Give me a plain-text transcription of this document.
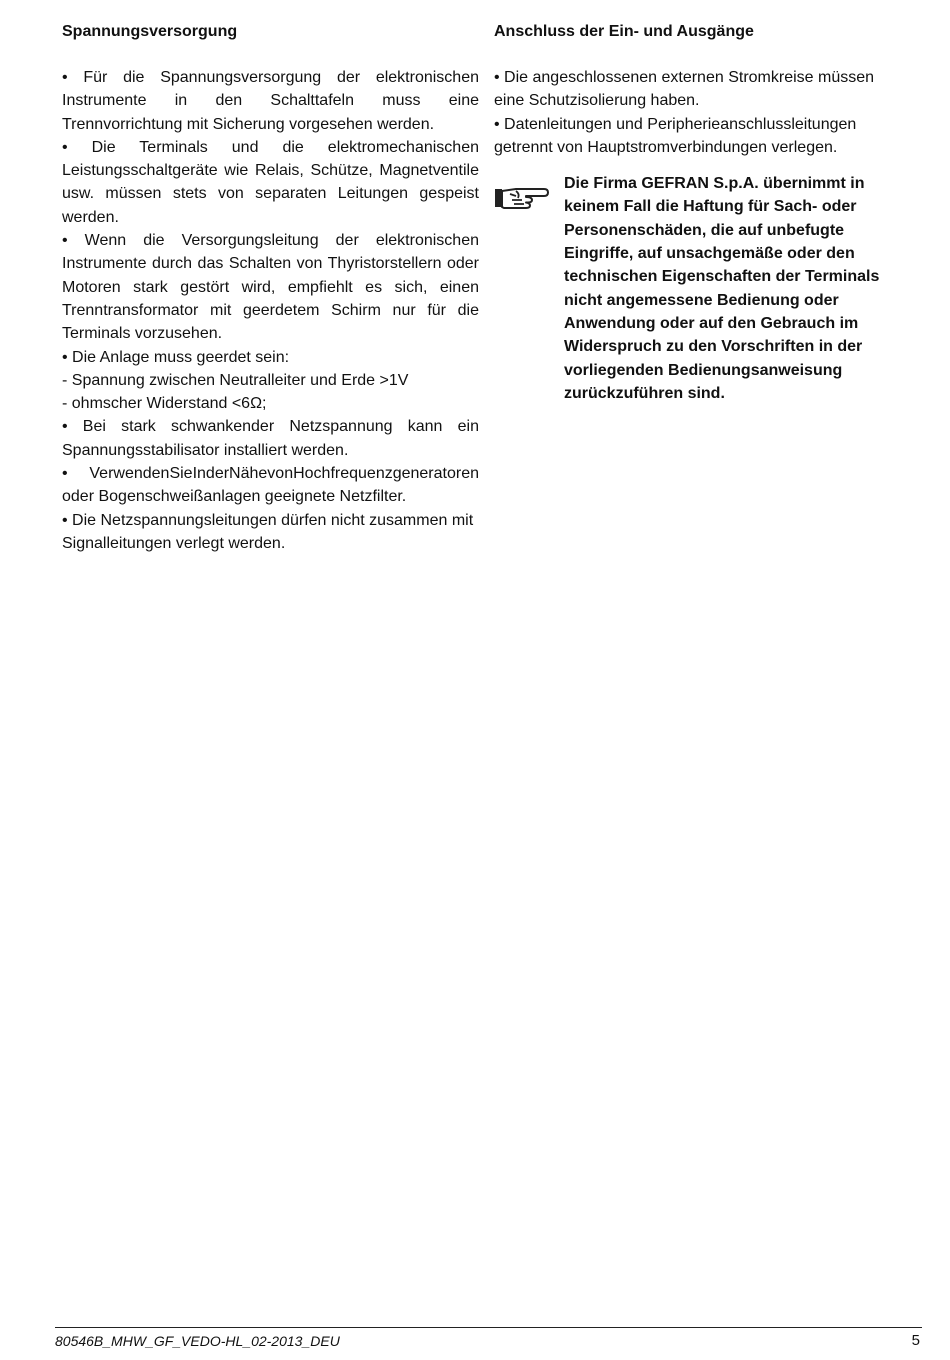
Spannungsversorgung

• Für die Spannungsversorgung der elektronischen Instrumente in den Schalttafeln muss eine Trennvorrichtung mit Sicherung vorgesehen werden.

• Die Terminals und die elektromechanischen Leistungsschaltgeräte wie Relais, Schütze, Magnetventile usw. müssen stets von separaten Leitungen gespeist werden.

• Wenn die Versorgungsleitung der elektronischen Instrumente durch das Schalten von Thyristorstellern oder Motoren stark gestört wird, empfiehlt es sich, einen Trenntransformator mit geerdetem Schirm nur für die Terminals vorzusehen.

• Die Anlage muss geerdet sein:

- Spannung zwischen Neutralleiter und Erde >1V

- ohmscher Widerstand <6Ω;

• Bei stark schwankender Netzspannung kann ein Spannungsstabilisator installiert werden.

• VerwendenSieInderNähevonHochfrequenzgeneratoren oder Bogenschweißanlagen geeignete Netzfilter.

• Die Netzspannungsleitungen dürfen nicht zusammen mit Signalleitungen verlegt werden.

Anschluss der Ein- und Ausgänge

• Die angeschlossenen externen Stromkreise müssen eine Schutzisolierung haben.

• Datenleitungen und Peripherieanschlussleitungen getrennt von Hauptstromverbindungen verlegen.

Die Firma GEFRAN S.p.A. übernimmt in keinem Fall die Haftung für Sach- oder Personenschäden, die auf unbefugte Eingriffe, auf unsachgemäße oder den technischen Eigenschaften der Terminals nicht angemessene Bedienung oder Anwendung oder auf den Gebrauch im Widerspruch zu den Vorschriften in der vorliegenden Bedienungsanweisung zurückzuführen sind.
80546B_MHW_GF_VEDO-HL_02-2013_DEU	5
